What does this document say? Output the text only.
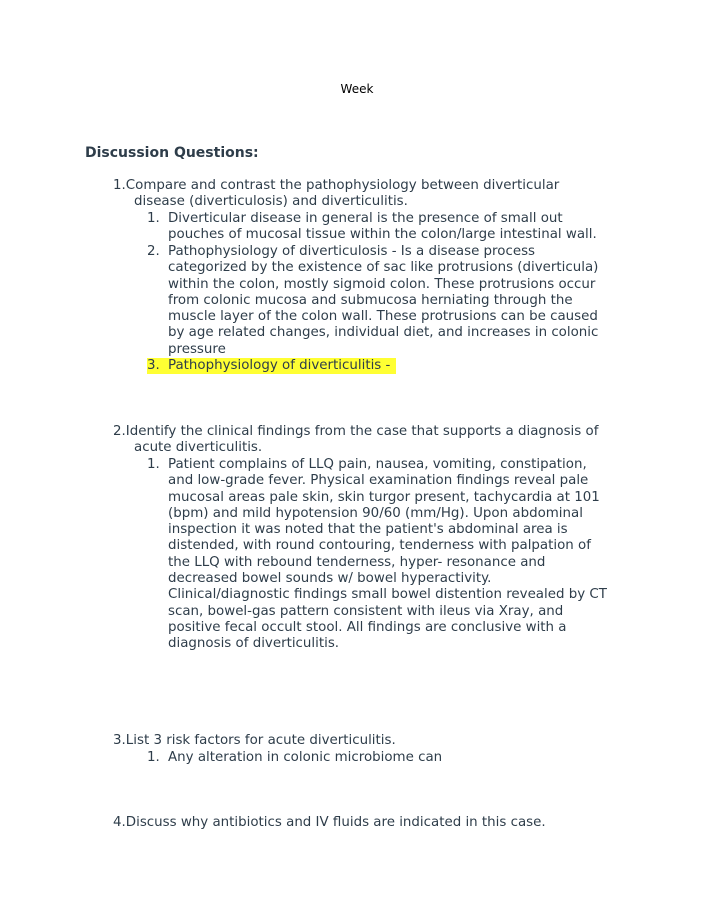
Week
Discussion Questions:
1.Compare and contrast the pathophysiology between diverticular
disease (diverticulosis) and diverticulitis.
1. Diverticular disease in general is the presence of small out
pouches of mucosal tissue within the colon/large intestinal wall.
2. Pathophysiology of diverticulosis - Is a disease process
categorized by the existence of sac like protrusions (diverticula)
within the colon, mostly sigmoid colon. These protrusions occur
from colonic mucosa and submucosa herniating through the
muscle layer of the colon wall. These protrusions can be caused
by age related changes, individual diet, and increases in colonic
pressure
3. Pathophysiology of diverticulitis -
2.Identify the clinical findings from the case that supports a diagnosis of
acute diverticulitis.
1. Patient complains of LLQ pain, nausea, vomiting, constipation,
and low-grade fever. Physical examination findings reveal pale
mucosal areas pale skin, skin turgor present, tachycardia at 101
(bpm) and mild hypotension 90/60 (mm/Hg). Upon abdominal
inspection it was noted that the patient's abdominal area is
distended, with round contouring, tenderness with palpation of
the LLQ with rebound tenderness, hyper- resonance and
decreased bowel sounds w/ bowel hyperactivity.
Clinical/diagnostic findings small bowel distention revealed by CT
scan, bowel-gas pattern consistent with ileus via Xray, and
positive fecal occult stool. All findings are conclusive with a
diagnosis of diverticulitis.
3.List 3 risk factors for acute diverticulitis.
1. Any alteration in colonic microbiome can
4.Discuss why antibiotics and IV fluids are indicated in this case.
